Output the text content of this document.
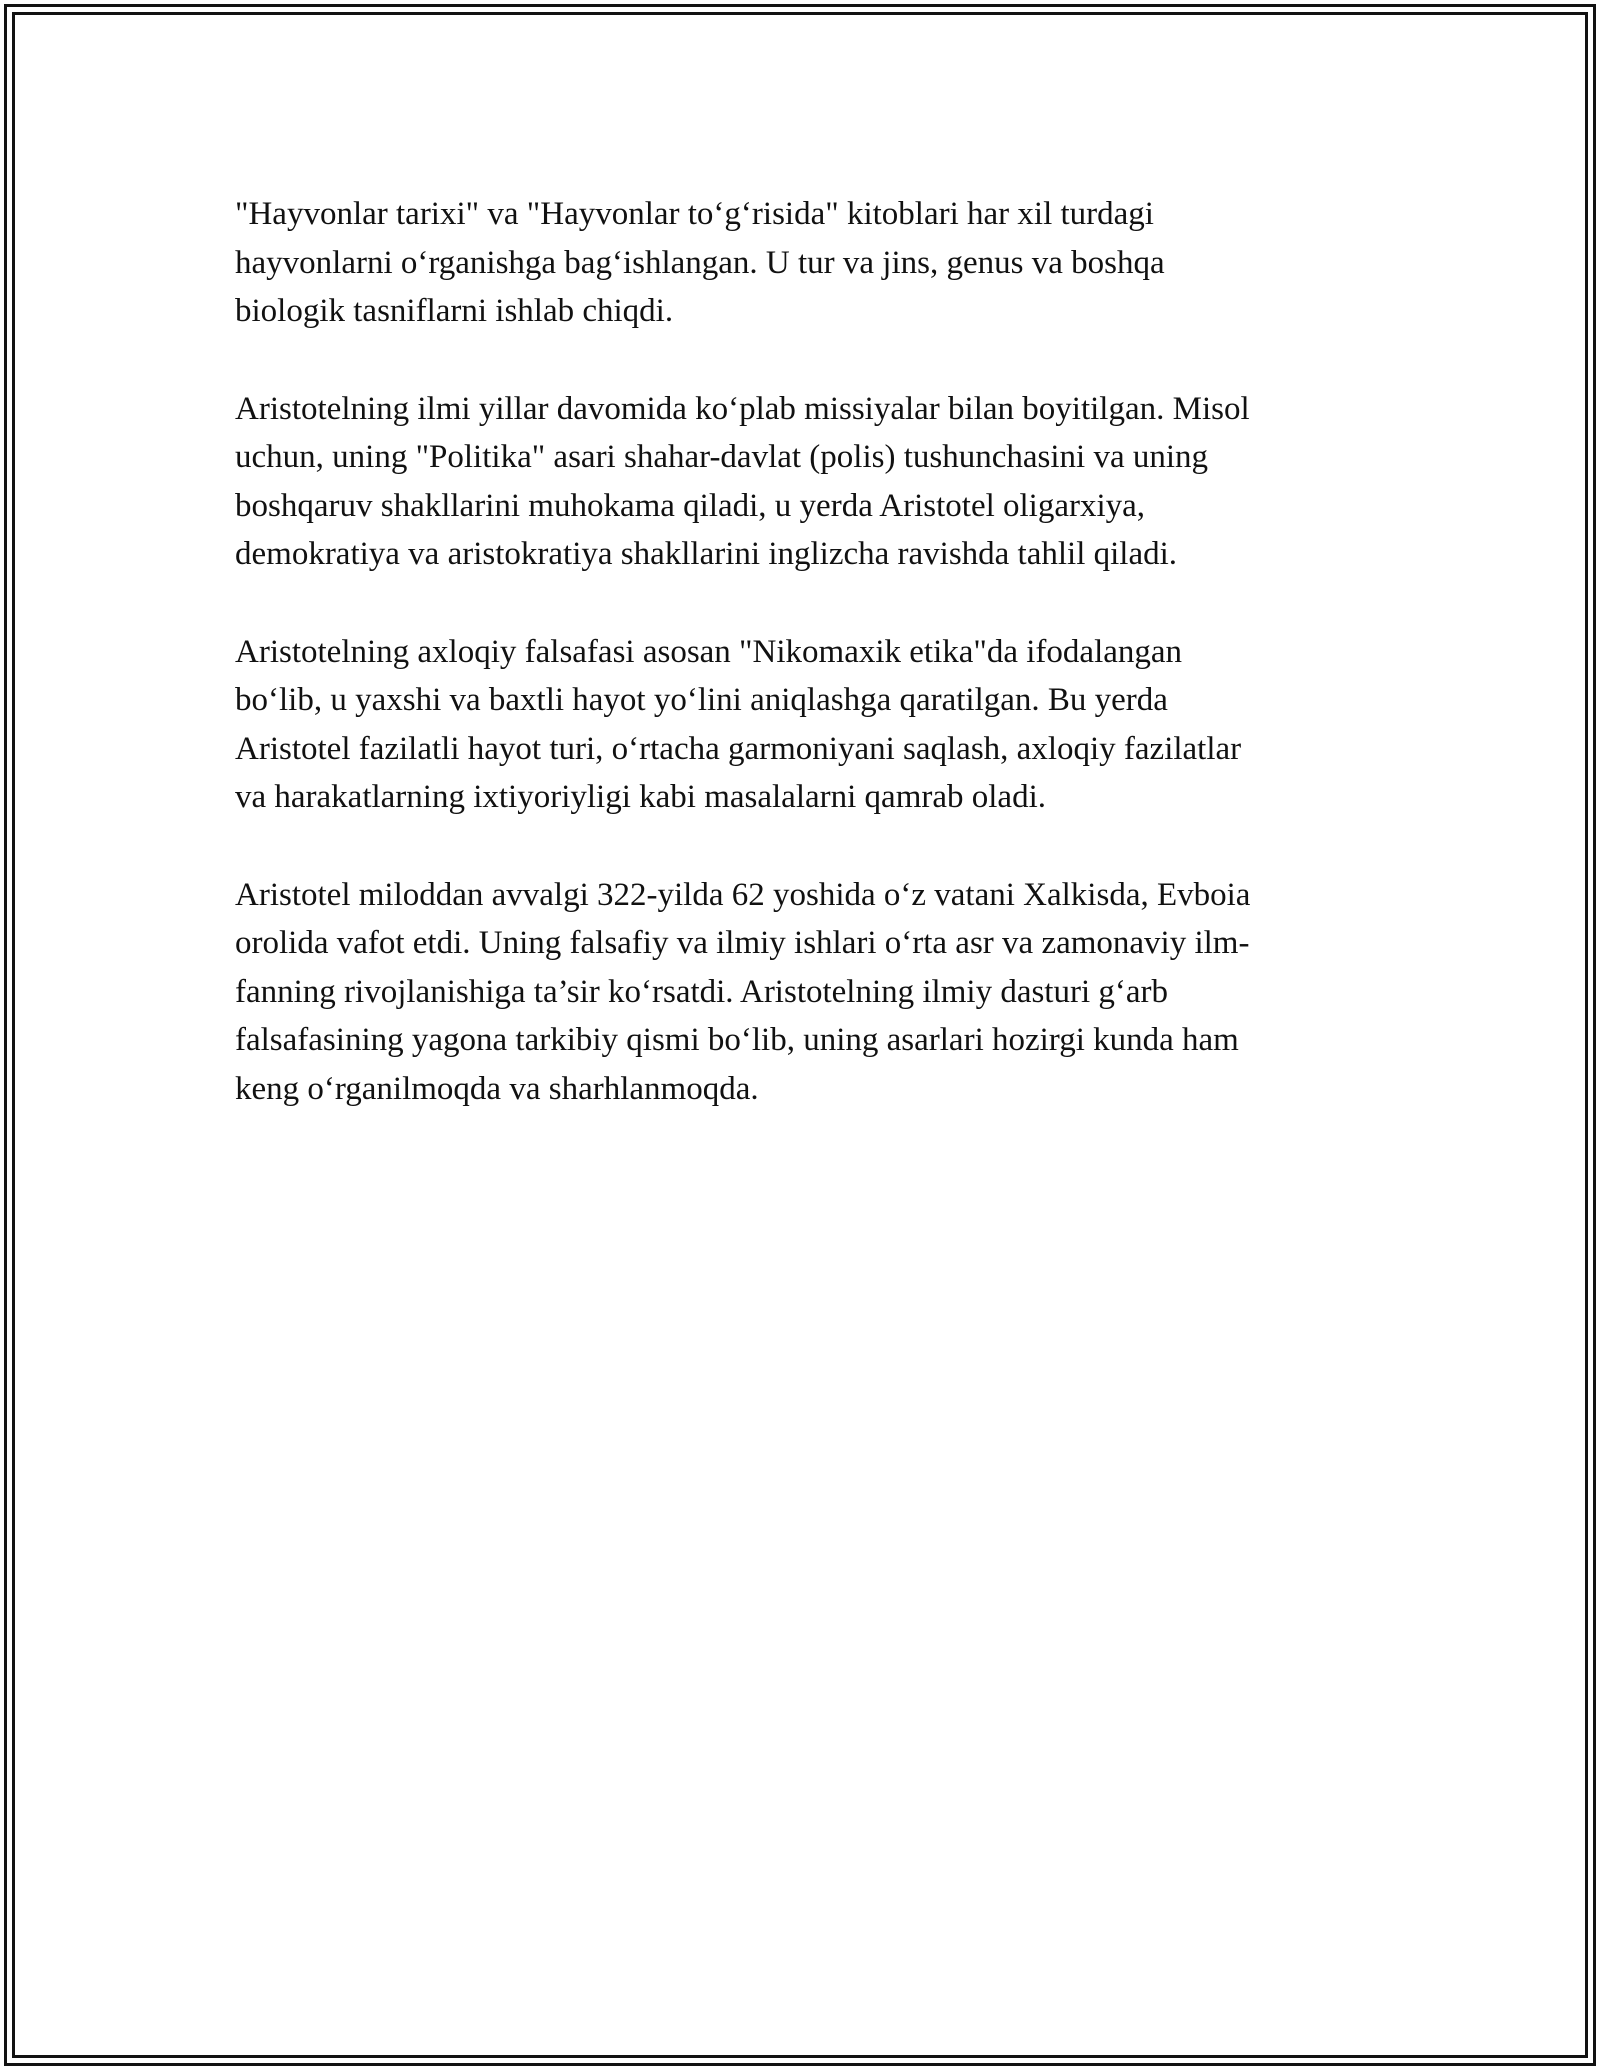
"Hayvonlar tarixi" va "Hayvonlar to‘g‘risida" kitoblari har xil turdagi
hayvonlarni o‘rganishga bag‘ishlangan. U tur va jins, genus va boshqa
biologik tasniflarni ishlab chiqdi.

Aristotelning ilmi yillar davomida ko‘plab missiyalar bilan boyitilgan. Misol
uchun, uning "Politika" asari shahar-davlat (polis) tushunchasini va uning
boshqaruv shakllarini muhokama qiladi, u yerda Aristotel oligarxiya,
demokratiya va aristokratiya shakllarini inglizcha ravishda tahlil qiladi.

Aristotelning axloqiy falsafasi asosan "Nikomaxik etika"da ifodalangan
bo‘lib, u yaxshi va baxtli hayot yo‘lini aniqlashga qaratilgan. Bu yerda
Aristotel fazilatli hayot turi, o‘rtacha garmoniyani saqlash, axloqiy fazilatlar
va harakatlarning ixtiyoriyligi kabi masalalarni qamrab oladi.

Aristotel miloddan avvalgi 322-yilda 62 yoshida o‘z vatani Xalkisda, Evboia
orolida vafot etdi. Uning falsafiy va ilmiy ishlari o‘rta asr va zamonaviy ilm-
fanning rivojlanishiga ta’sir ko‘rsatdi. Aristotelning ilmiy dasturi g‘arb
falsafasining yagona tarkibiy qismi bo‘lib, uning asarlari hozirgi kunda ham
keng o‘rganilmoqda va sharhlanmoqda.
